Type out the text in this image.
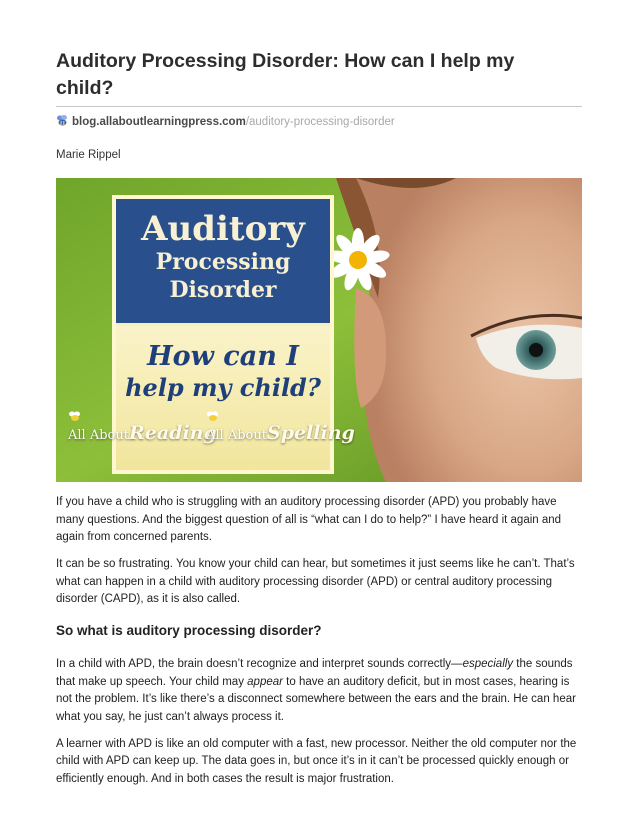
Auditory Processing Disorder: How can I help my
child?
blog.allaboutlearningpress.com/auditory-processing-disorder
Marie Rippel
Auditory
Processing
Disorder
How can I
help my child?
All AboutReading
All AboutSpelling

If you have a child who is struggling with an auditory processing disorder (APD) you probably have many questions. And the biggest question of all is “what can I do to help?” I have heard it again and again from concerned parents.

It can be so frustrating. You know your child can hear, but sometimes it just seems like he can’t. That’s what can happen in a child with auditory processing disorder (APD) or central auditory processing disorder (CAPD), as it is also called.

So what is auditory processing disorder?

In a child with APD, the brain doesn’t recognize and interpret sounds correctly—especially the sounds that make up speech. Your child may appear to have an auditory deficit, but in most cases, hearing is not the problem. It’s like there’s a disconnect somewhere between the ears and the brain. He can hear what you say, he just can’t always process it.

A learner with APD is like an old computer with a fast, new processor. Neither the old computer nor the child with APD can keep up. The data goes in, but once it’s in it can’t be processed quickly enough or efficiently enough. And in both cases the result is major frustration.
